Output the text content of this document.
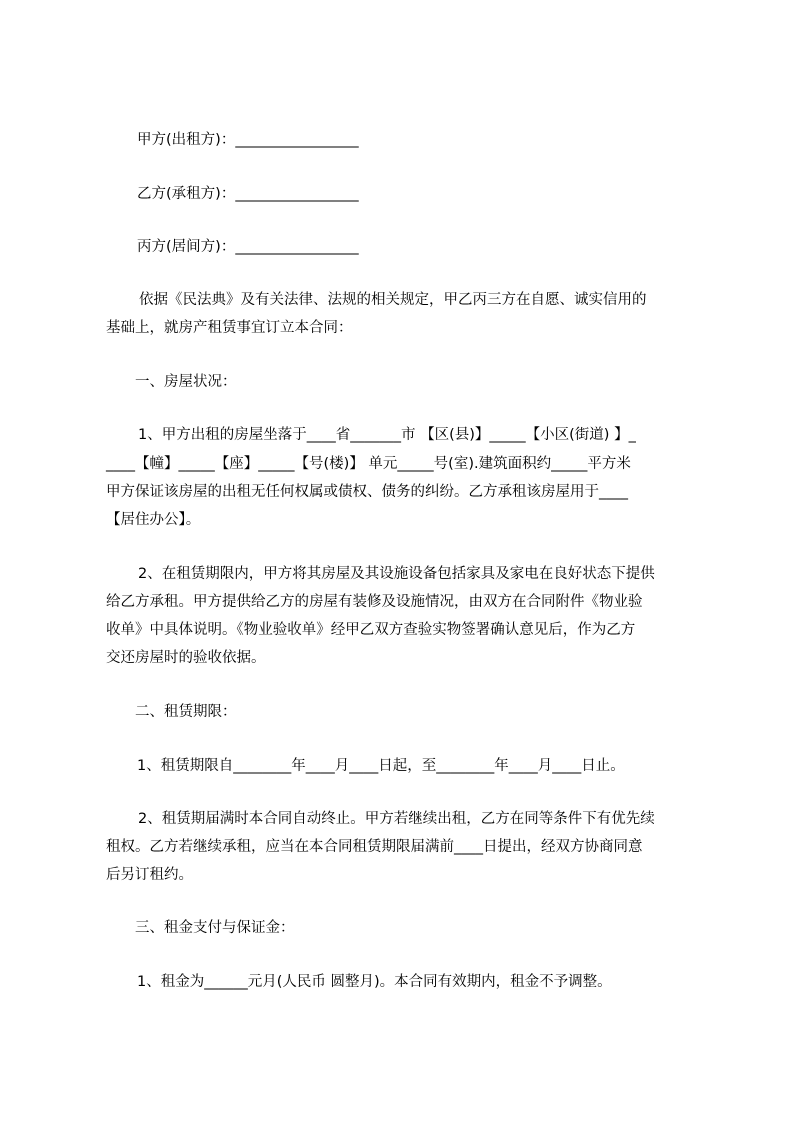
甲方(出租方)：_________________
乙方(承租方)：_________________
丙方(居间方)：_________________
依据《民法典》及有关法律、法规的相关规定，甲乙丙三方在自愿、诚实信用的
基础上，就房产租赁事宜订立本合同：
一、房屋状况：
1、甲方出租的房屋坐落于____省_______市 【区(县)】_____【小区(街道) 】_
____【幢】_____【座】_____【号(楼)】 单元_____号(室).建筑面积约_____平方米
甲方保证该房屋的出租无任何权属或债权、债务的纠纷。乙方承租该房屋用于____
【居住办公】。
2、在租赁期限内，甲方将其房屋及其设施设备包括家具及家电在良好状态下提供
给乙方承租。甲方提供给乙方的房屋有装修及设施情况，由双方在合同附件《物业验
收单》中具体说明。《物业验收单》经甲乙双方查验实物签署确认意见后，作为乙方
交还房屋时的验收依据。
二、租赁期限：
1、租赁期限自________年____月____日起，至________年____月____日止。
2、租赁期届满时本合同自动终止。甲方若继续出租，乙方在同等条件下有优先续
租权。乙方若继续承租，应当在本合同租赁期限届满前____日提出，经双方协商同意
后另订租约。
三、租金支付与保证金：
1、租金为______元月(人民币 圆整月)。本合同有效期内，租金不予调整。
